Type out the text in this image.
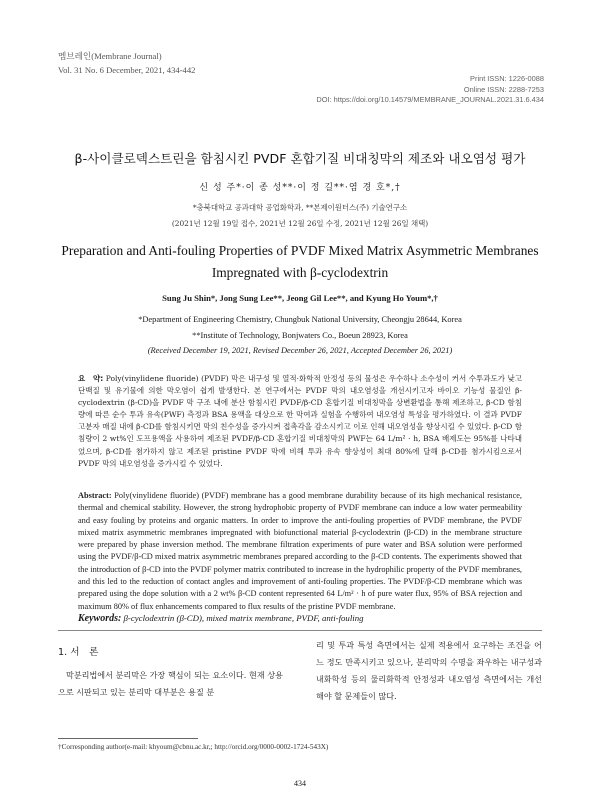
멤브레인(Membrane Journal)
Vol. 31 No. 6 December, 2021, 434-442
Print ISSN: 1226-0088
Online ISSN: 2288-7253
DOI: https://doi.org/10.14579/MEMBRANE_JOURNAL.2021.31.6.434
β-사이클로덱스트린을 함침시킨 PVDF 혼합기질 비대칭막의 제조와 내오염성 평가
신 성 주*·이 종 성**·이 정 길**·염 경 호*,†
*충북대학교 공과대학 공업화학과, **본제이원터스(주) 기술연구소
(2021년 12월 19일 접수, 2021년 12월 26일 수정, 2021년 12월 26일 채택)
Preparation and Anti-fouling Properties of PVDF Mixed Matrix Asymmetric Membranes
Impregnated with β-cyclodextrin
Sung Ju Shin*, Jong Sung Lee**, Jeong Gil Lee**, and Kyung Ho Youm*,†
*Department of Engineering Chemistry, Chungbuk National University, Cheongju 28644, Korea
**Institute of Technology, Bonjwaters Co., Boeun 28923, Korea
(Received December 19, 2021, Revised December 26, 2021, Accepted December 26, 2021)
요　약: Poly(vinylidene fluoride) (PVDF) 막은 내구성 및 열적·화학적 안정성 등의 물성은 우수하나 소수성이 커서 수투과도가 낮고 단백질 및 유기물에 의한 막오염이 쉽게 발생한다. 본 연구에서는 PVDF 막의 내오염성을 개선시키고자 바이오 기능성 물질인 β-cyclodextrin (β-CD)을 PVDF 막 구조 내에 분산 함침시킨 PVDF/β-CD 혼합기질 비대칭막을 상변환법을 통해 제조하고, β-CD 함침량에 따른 순수 투과 유속(PWF) 측정과 BSA 용액을 대상으로 한 막여과 실험을 수행하여 내오염성 특성을 평가하였다. 이 결과 PVDF 고분자 매질 내에 β-CD를 함침시키면 막의 친수성을 증가시켜 접촉각을 감소시키고 이로 인해 내오염성을 향상시킬 수 있었다. β-CD 함침량이 2 wt%인 도프용액을 사용하여 제조된 PVDF/β-CD 혼합기질 비대칭막의 PWF는 64 L/m² · h, BSA 배제도는 95%를 나타내었으며, β-CD를 첨가하지 않고 제조된 pristine PVDF 막에 비해 투과 유속 향상성이 최대 80%에 달해 β-CD를 첨가시킴으로서 PVDF 막의 내오염성을 증가시킬 수 있었다.
Abstract: Poly(vinylidene fluoride) (PVDF) membrane has a good membrane durability because of its high mechanical resistance, thermal and chemical stability. However, the strong hydrophobic property of PVDF membrane can induce a low water permeability and easy fouling by proteins and organic matters. In order to improve the anti-fouling properties of PVDF membrane, the PVDF mixed matrix asymmetric membranes impregnated with biofunctional material β-cyclodextrin (β-CD) in the membrane structure were prepared by phase inversion method. The membrane filtration experiments of pure water and BSA solution were performed using the PVDF/β-CD mixed matrix asymmetric membranes prepared according to the β-CD contents. The experiments showed that the introduction of β-CD into the PVDF polymer matrix contributed to increase in the hydrophilic property of the PVDF membranes, and this led to the reduction of contact angles and improvement of anti-fouling properties. The PVDF/β-CD membrane which was prepared using the dope solution with a 2 wt% β-CD content represented 64 L/m² · h of pure water flux, 95% of BSA rejection and maximum 80% of flux enhancements compared to flux results of the pristine PVDF membrane.
Keywords: β-cyclodextrin (β-CD), mixed matrix membrane, PVDF, anti-fouling
1. 서　론
막분리법에서 분리막은 가장 핵심이 되는 요소이다. 현재 상용으로 시판되고 있는 분리막 대부분은 용질 분
리 및 투과 특성 측면에서는 실제 적용에서 요구하는 조건을 어느 정도 만족시키고 있으나, 분리막의 수명을 좌우하는 내구성과 내화학성 등의 물리화학적 안정성과 내오염성 측면에서는 개선해야 할 문제들이 많다.
†Corresponding author(e-mail: khyoum@cbnu.ac.kr,; http://orcid.org/0000-0002-1724-543X)
434
